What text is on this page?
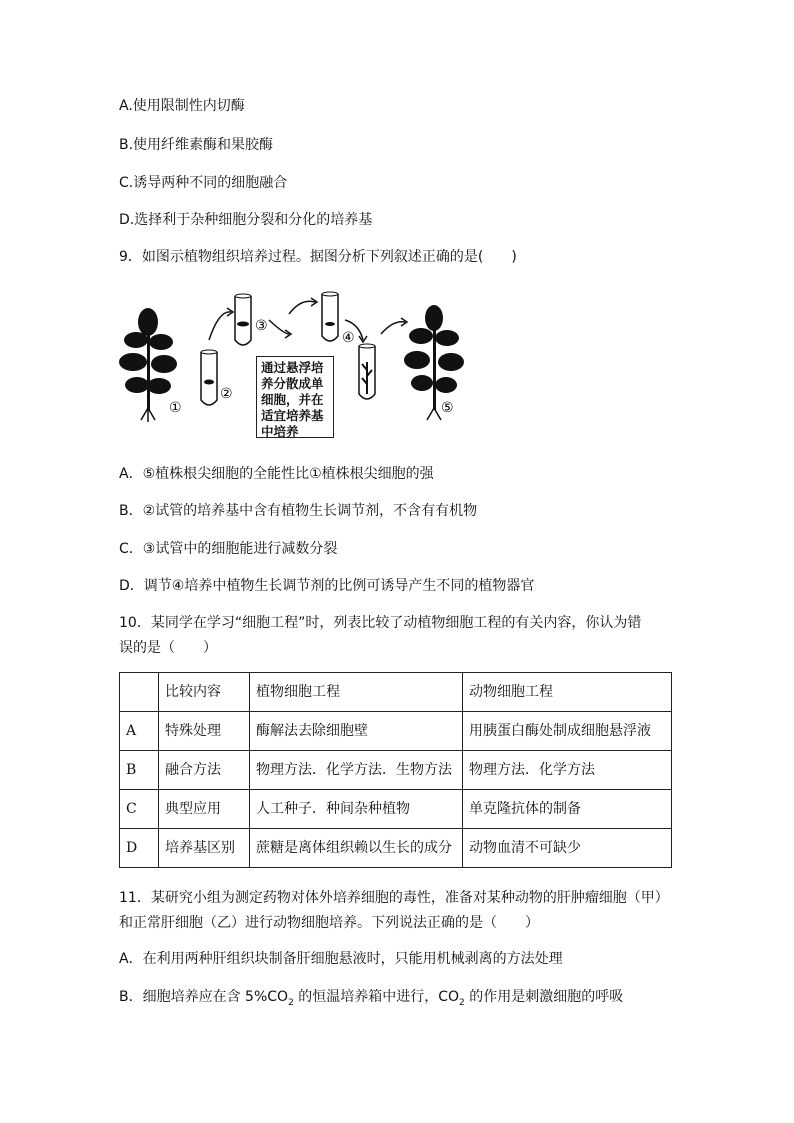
A.使用限制性内切酶
B.使用纤维素酶和果胶酶
C.诱导两种不同的细胞融合
D.选择利于杂种细胞分裂和分化的培养基
9．如图示植物组织培养过程。据图分析下列叙述正确的是(　　)
①
②
③
④
⑤
通过悬浮培养分散成单细胞，并在适宜培养基中培养
A．⑤植株根尖细胞的全能性比①植株根尖细胞的强
B．②试管的培养基中含有植物生长调节剂，不含有有机物
C．③试管中的细胞能进行减数分裂
D．调节④培养中植物生长调节剂的比例可诱导产生不同的植物器官
10．某同学在学习“细胞工程”时，列表比较了动植物细胞工程的有关内容，你认为错
误的是（　　）
	比较内容	植物细胞工程	动物细胞工程
A	特殊处理	酶解法去除细胞壁	用胰蛋白酶处制成细胞悬浮液
B	融合方法	物理方法．化学方法．生物方法	物理方法．化学方法
C	典型应用	人工种子．种间杂种植物	单克隆抗体的制备
D	培养基区别	蔗糖是离体组织赖以生长的成分	动物血清不可缺少
11．某研究小组为测定药物对体外培养细胞的毒性，准备对某种动物的肝肿瘤细胞（甲）
和正常肝细胞（乙）进行动物细胞培养。下列说法正确的是（　　）
A．在利用两种肝组织块制备肝细胞悬液时，只能用机械剥离的方法处理
B．细胞培养应在含 $5\%CO_2$ 的恒温培养箱中进行，$CO_2$ 的作用是刺激细胞的呼吸
